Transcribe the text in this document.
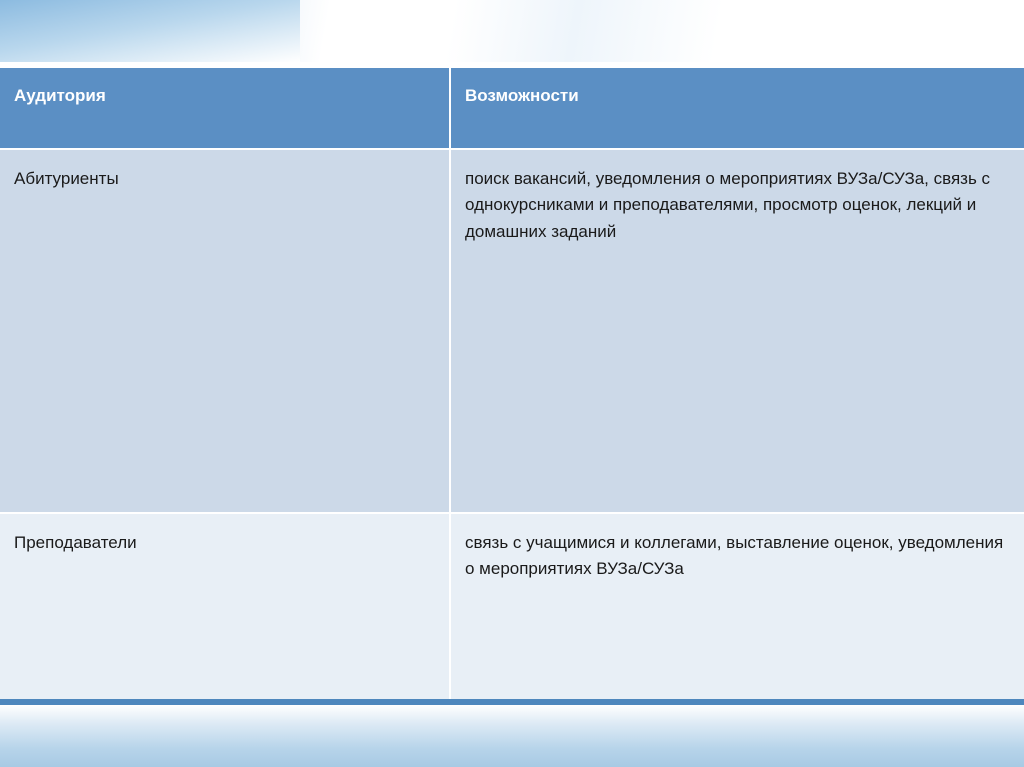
Аудитория	Возможности
Абитуриенты	поиск вакансий, уведомления о мероприятиях ВУЗа/СУЗа, связь с однокурсниками и преподавателями, просмотр оценок, лекций и домашних заданий
Преподаватели	связь с учащимися и коллегами, выставление оценок, уведомления о мероприятиях ВУЗа/СУЗа
